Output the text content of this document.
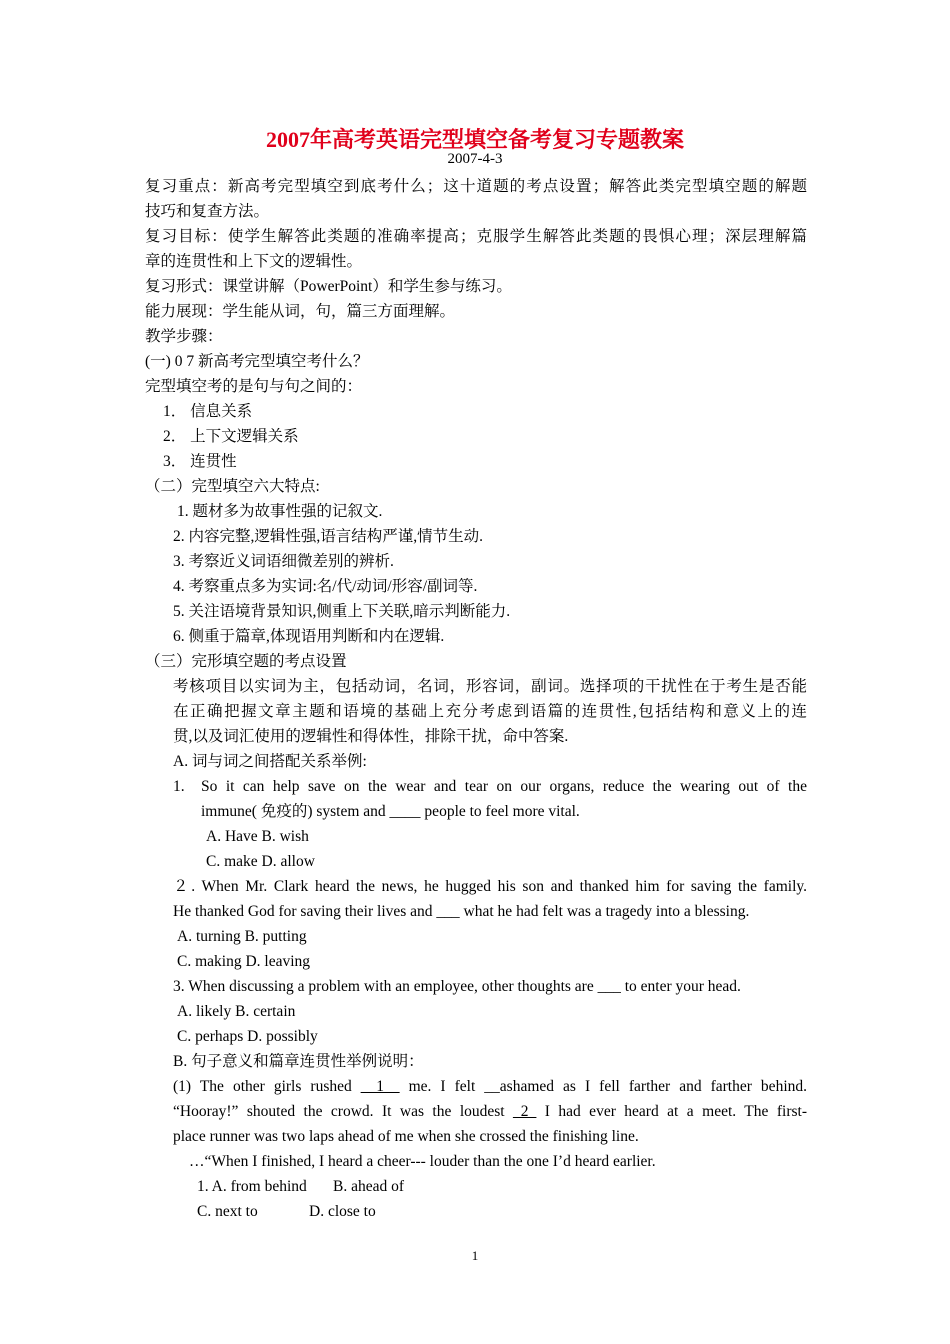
2007年高考英语完型填空备考复习专题教案
2007-4-3
复习重点：新高考完型填空到底考什么；这十道题的考点设置；解答此类完型填空题的解题
技巧和复查方法。
复习目标：使学生解答此类题的准确率提高；克服学生解答此类题的畏惧心理；深层理解篇
章的连贯性和上下文的逻辑性。
复习形式：课堂讲解（PowerPoint）和学生参与练习。
能力展现：学生能从词，句，篇三方面理解。
教学步骤：
(一) 0 7 新高考完型填空考什么？
完型填空考的是句与句之间的：
1． 信息关系
2． 上下文逻辑关系
3． 连贯性
（二）完型填空六大特点:
1. 题材多为故事性强的记叙文.
2. 内容完整,逻辑性强,语言结构严谨,情节生动.
3. 考察近义词语细微差别的辨析.
4. 考察重点多为实词:名/代/动词/形容/副词等.
5. 关注语境背景知识,侧重上下关联,暗示判断能力.
6. 侧重于篇章,体现语用判断和内在逻辑.
（三）完形填空题的考点设置
考核项目以实词为主，包括动词，名词，形容词，副词。选择项的干扰性在于考生是否能
在正确把握文章主题和语境的基础上充分考虑到语篇的连贯性,包括结构和意义上的连
贯,以及词汇使用的逻辑性和得体性，排除干扰，命中答案.
A. 词与词之间搭配关系举例:
1. So it can help save on the wear and tear on our organs, reduce the wearing out of the
immune( 免疫的) system and ____ people to feel more vital.
A. Have B. wish
C. make D. allow
２. When Mr. Clark heard the news, he hugged his son and thanked him for saving the family.
He thanked God for saving their lives and ___ what he had felt was a tragedy into a blessing.
A. turning B. putting
C. making D. leaving
3. When discussing a problem with an employee, other thoughts are ___ to enter your head.
A. likely B. certain
C. perhaps D. possibly
B. 句子意义和篇章连贯性举例说明：
(1) The other girls rushed __1__ me. I felt __ashamed as I fell farther and farther behind.
“Hooray!” shouted the crowd. It was the loudest _2_ I had ever heard at a meet. The first-
place runner was two laps ahead of me when she crossed the finishing line.
…“When I finished, I heard a cheer--- louder than the one I’d heard earlier.
1. A. from behind B. ahead of
C. next to	D. close to
1
